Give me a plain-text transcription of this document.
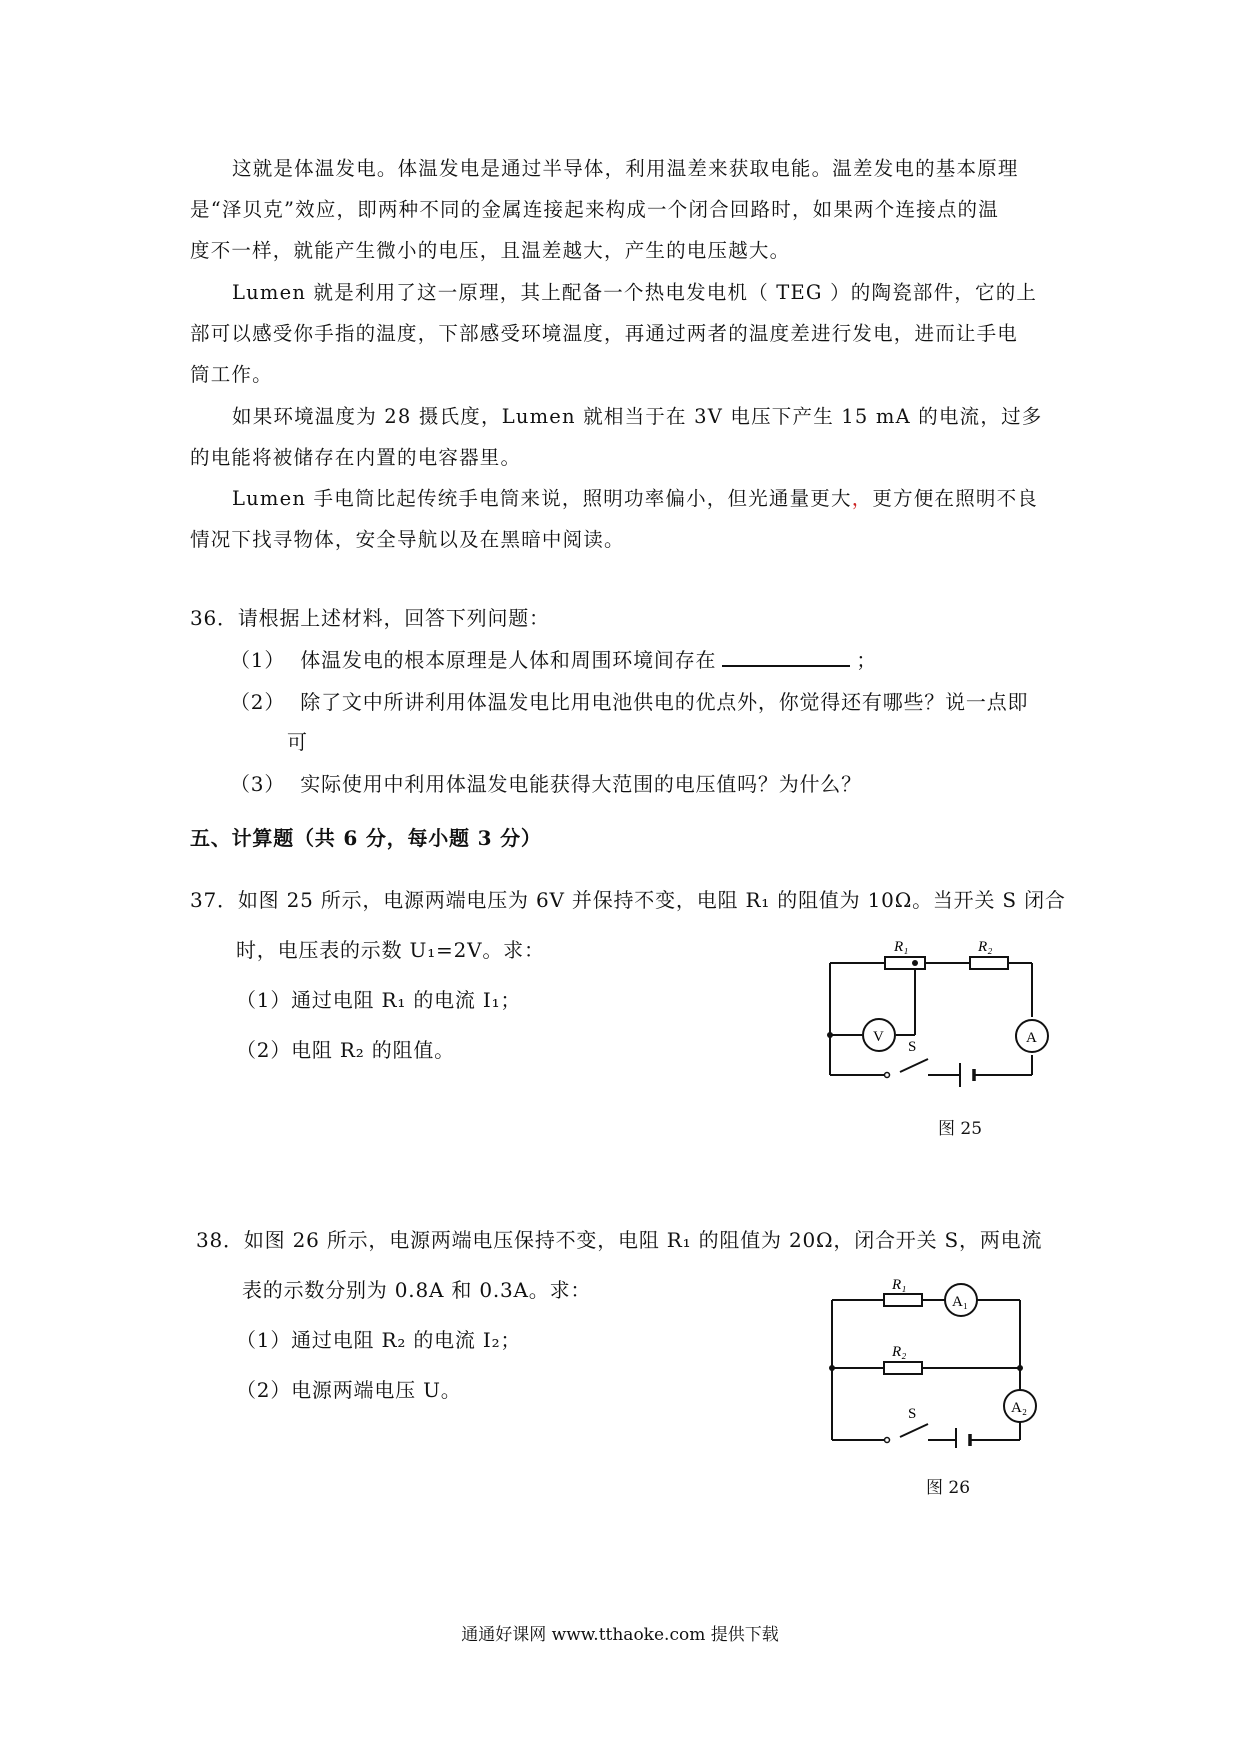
这就是体温发电。体温发电是通过半导体，利用温差来获取电能。温差发电的基本原理
是“泽贝克”效应，即两种不同的金属连接起来构成一个闭合回路时，如果两个连接点的温
度不一样，就能产生微小的电压，且温差越大，产生的电压越大。
Lumen 就是利用了这一原理，其上配备一个热电发电机（ TEG ）的陶瓷部件，它的上
部可以感受你手指的温度，下部感受环境温度，再通过两者的温度差进行发电，进而让手电
筒工作。
如果环境温度为 28 摄氏度，Lumen 就相当于在 3V 电压下产生 15 mA 的电流，过多
的电能将被储存在内置的电容器里。
Lumen 手电筒比起传统手电筒来说，照明功率偏小，但光通量更大，更方便在照明不良
情况下找寻物体，安全导航以及在黑暗中阅读。
36．请根据上述材料，回答下列问题：
（1） 体温发电的根本原理是人体和周围环境间存在	；
（2） 除了文中所讲利用体温发电比用电池供电的优点外，你觉得还有哪些？说一点即
可
（3） 实际使用中利用体温发电能获得大范围的电压值吗？为什么？
五、计算题（共 6 分，每小题 3 分）
37．如图 25 所示，电源两端电压为 6V 并保持不变，电阻 R₁ 的阻值为 10Ω。当开关 S 闭合
时，电压表的示数 U₁=2V。求：
（1）通过电阻 R₁ 的电流 I₁；
（2）电阻 R₂ 的阻值。
R₁	R₂
V	A
S
图 25
38．如图 26 所示，电源两端电压保持不变，电阻 R₁ 的阻值为 20Ω，闭合开关 S，两电流
表的示数分别为 0.8A 和 0.3A。求：
（1）通过电阻 R₂ 的电流 I₂；
（2）电源两端电压 U。
R₁
R₂
A₁
A₂
S
图 26
通通好课网 www.tthaoke.com 提供下载
